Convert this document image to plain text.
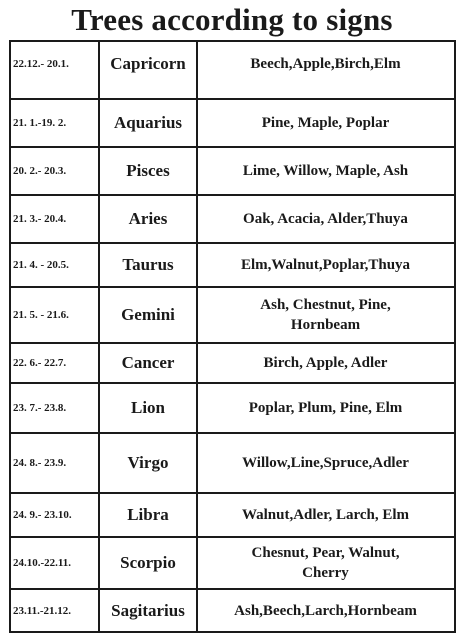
Trees according to signs
22.12.- 20.1.	Capricorn	Beech,Apple,Birch,Elm
21. 1.-19. 2.	Aquarius	Pine, Maple, Poplar
20. 2.- 20.3.	Pisces	Lime, Willow, Maple, Ash
21. 3.- 20.4.	Aries	Oak, Acacia, Alder,Thuya
21. 4. - 20.5.	Taurus	Elm,Walnut,Poplar,Thuya
21. 5. - 21.6.	Gemini	Ash, Chestnut, Pine,
Hornbeam
22. 6.- 22.7.	Cancer	Birch, Apple, Adler
23. 7.- 23.8.	Lion	Poplar, Plum, Pine, Elm
24. 8.- 23.9.	Virgo	Willow,Line,Spruce,Adler
24. 9.- 23.10.	Libra	Walnut,Adler, Larch, Elm
24.10.-22.11.	Scorpio	Chesnut, Pear, Walnut,
Cherry
23.11.-21.12.	Sagitarius	Ash,Beech,Larch,Hornbeam
